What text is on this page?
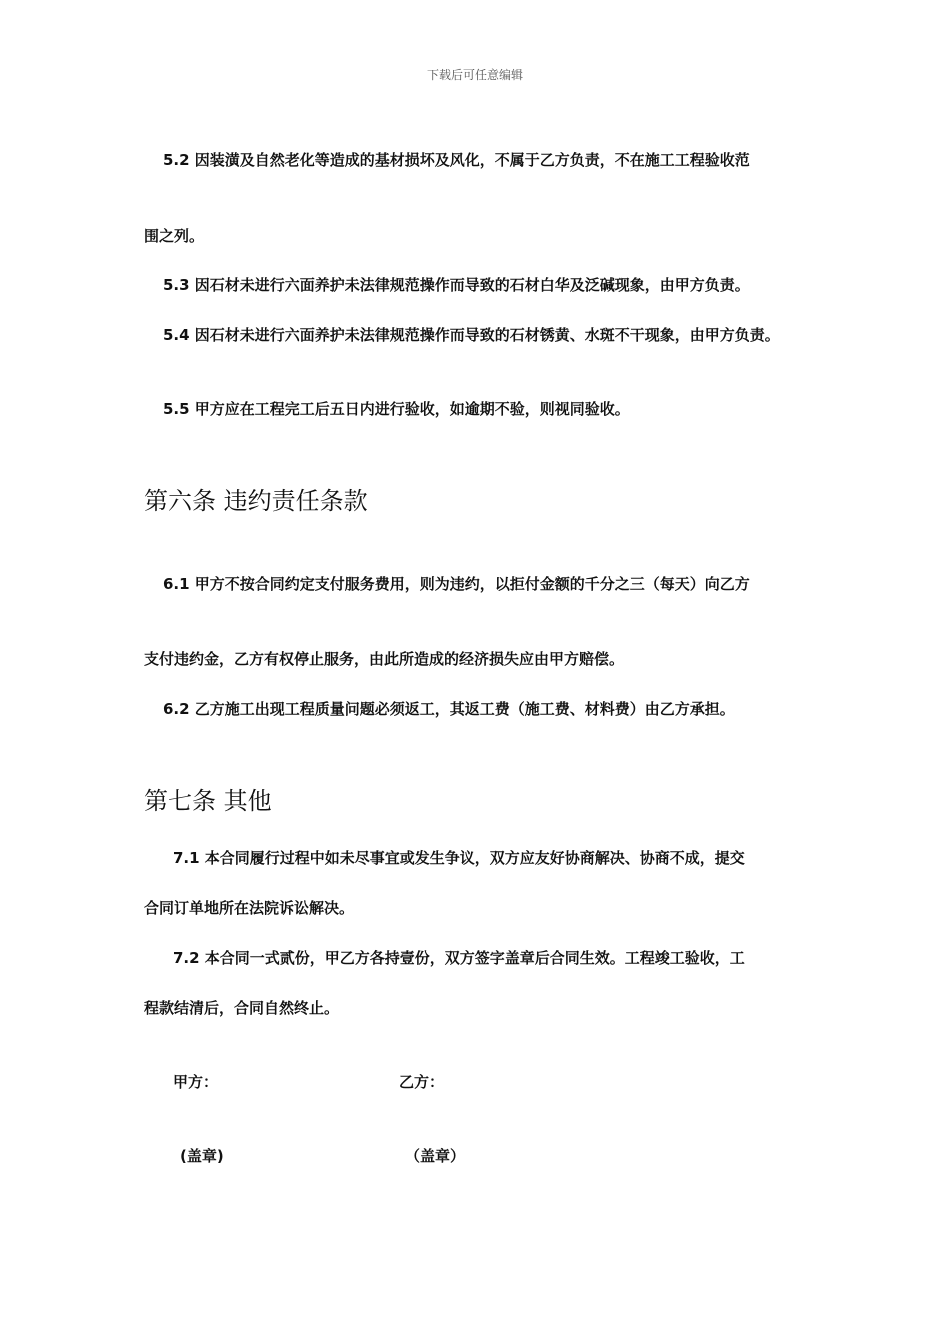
下载后可任意编辑
5.2 因装潢及自然老化等造成的基材损坏及风化，不属于乙方负责，不在施工工程验收范
围之列。
5.3 因石材未进行六面养护未法律规范操作而导致的石材白华及泛碱现象，由甲方负责。
5.4 因石材未进行六面养护未法律规范操作而导致的石材锈黄、水斑不干现象，由甲方负责。
5.5 甲方应在工程完工后五日内进行验收，如逾期不验，则视同验收。
第六条 违约责任条款
6.1 甲方不按合同约定支付服务费用，则为违约，以拒付金额的千分之三（每天）向乙方
支付违约金，乙方有权停止服务，由此所造成的经济损失应由甲方赔偿。
6.2 乙方施工出现工程质量问题必须返工，其返工费（施工费、材料费）由乙方承担。
第七条 其他
7.1 本合同履行过程中如未尽事宜或发生争议，双方应友好协商解决、协商不成，提交
合同订单地所在法院诉讼解决。
7.2 本合同一式贰份，甲乙方各持壹份，双方签字盖章后合同生效。工程竣工验收，工
程款结清后，合同自然终止。
甲方：	乙方：
(盖章)	（盖章）
